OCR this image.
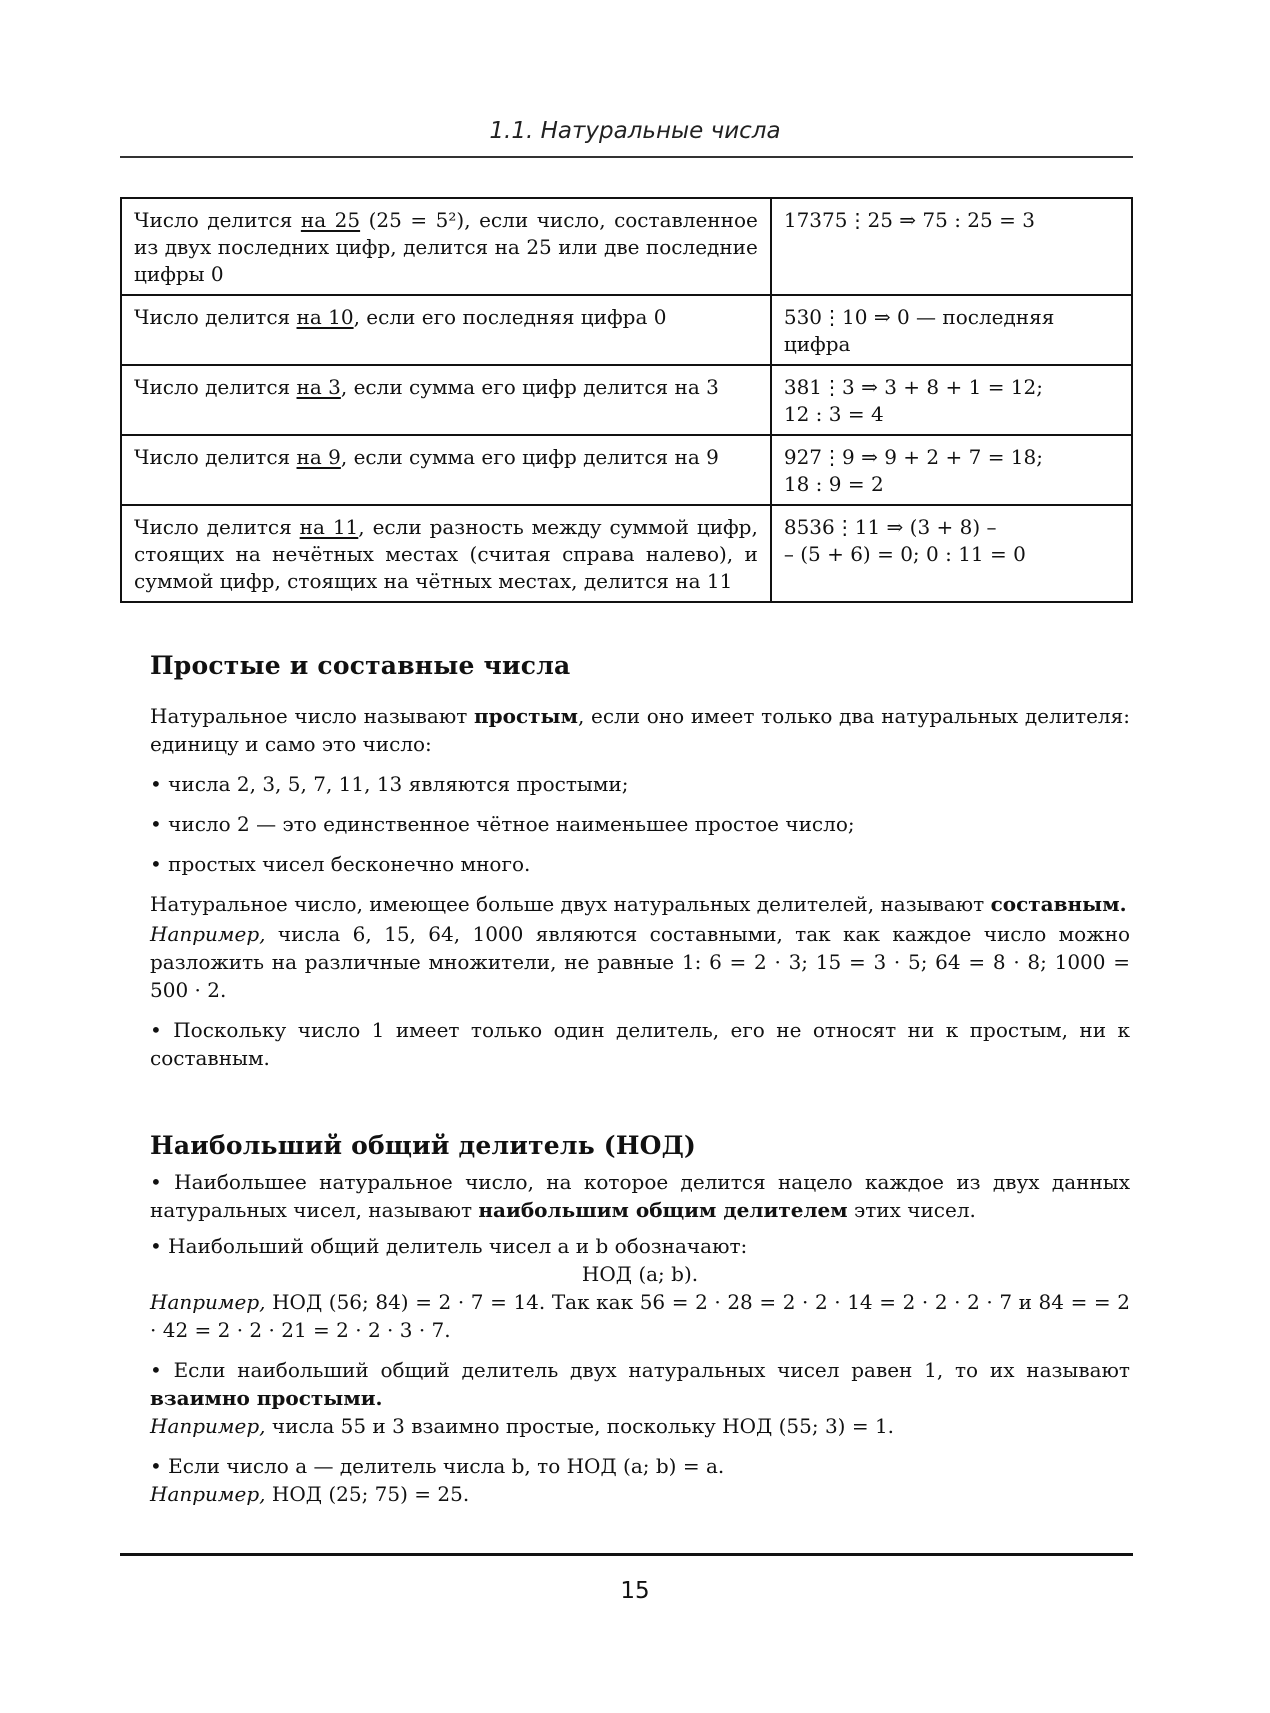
1.1. Натуральные числа
Число делится на 25 (25 = 5²), если число, составленное из двух последних цифр, делится на 25 или две последние цифры 0	17375⋮25 ⇒ 75 : 25 = 3

Число делится на 10, если его последняя цифра 0	530⋮10 ⇒ 0 — последняя
цифра

Число делится на 3, если сумма его цифр делится на 3	381⋮3 ⇒ 3 + 8 + 1 = 12;
12 : 3 = 4

Число делится на 9, если сумма его цифр делится на 9	927⋮9 ⇒ 9 + 2 + 7 = 18;
18 : 9 = 2

Число делится на 11, если разность между суммой цифр, стоящих на нечётных местах (считая справа налево), и суммой цифр, стоящих на чётных местах, делится на 11	8536⋮11 ⇒ (3 + 8) –
– (5 + 6) = 0; 0 : 11 = 0
Простые и составные числа

Натуральное число называют простым, если оно имеет только два натуральных делителя: единицу и само это число:

• числа 2, 3, 5, 7, 11, 13 являются простыми;

• число 2 — это единственное чётное наименьшее простое число;

• простых чисел бесконечно много.

Натуральное число, имеющее больше двух натуральных делителей, называют составным.

Например, числа 6, 15, 64, 1000 являются составными, так как каждое число можно разложить на различные множители, не равные 1: 6 = 2 · 3; 15 = 3 · 5; 64 = 8 · 8; 1000 = 500 · 2.

• Поскольку число 1 имеет только один делитель, его не относят ни к простым, ни к составным.

Наибольший общий делитель (НОД)

• Наибольшее натуральное число, на которое делится нацело каждое из двух данных натуральных чисел, называют наибольшим общим делителем этих чисел.

• Наибольший общий делитель чисел a и b обозначают:

НОД (a; b).

Например, НОД (56; 84) = 2 · 7 = 14. Так как 56 = 2 · 28 = 2 · 2 · 14 = 2 · 2 · 2 · 7 и 84 = = 2 · 42 = 2 · 2 · 21 = 2 · 2 · 3 · 7.

• Если наибольший общий делитель двух натуральных чисел равен 1, то их называют взаимно простыми.

Например, числа 55 и 3 взаимно простые, поскольку НОД (55; 3) = 1.

• Если число a — делитель числа b, то НОД (a; b) = a.

Например, НОД (25; 75) = 25.

15
